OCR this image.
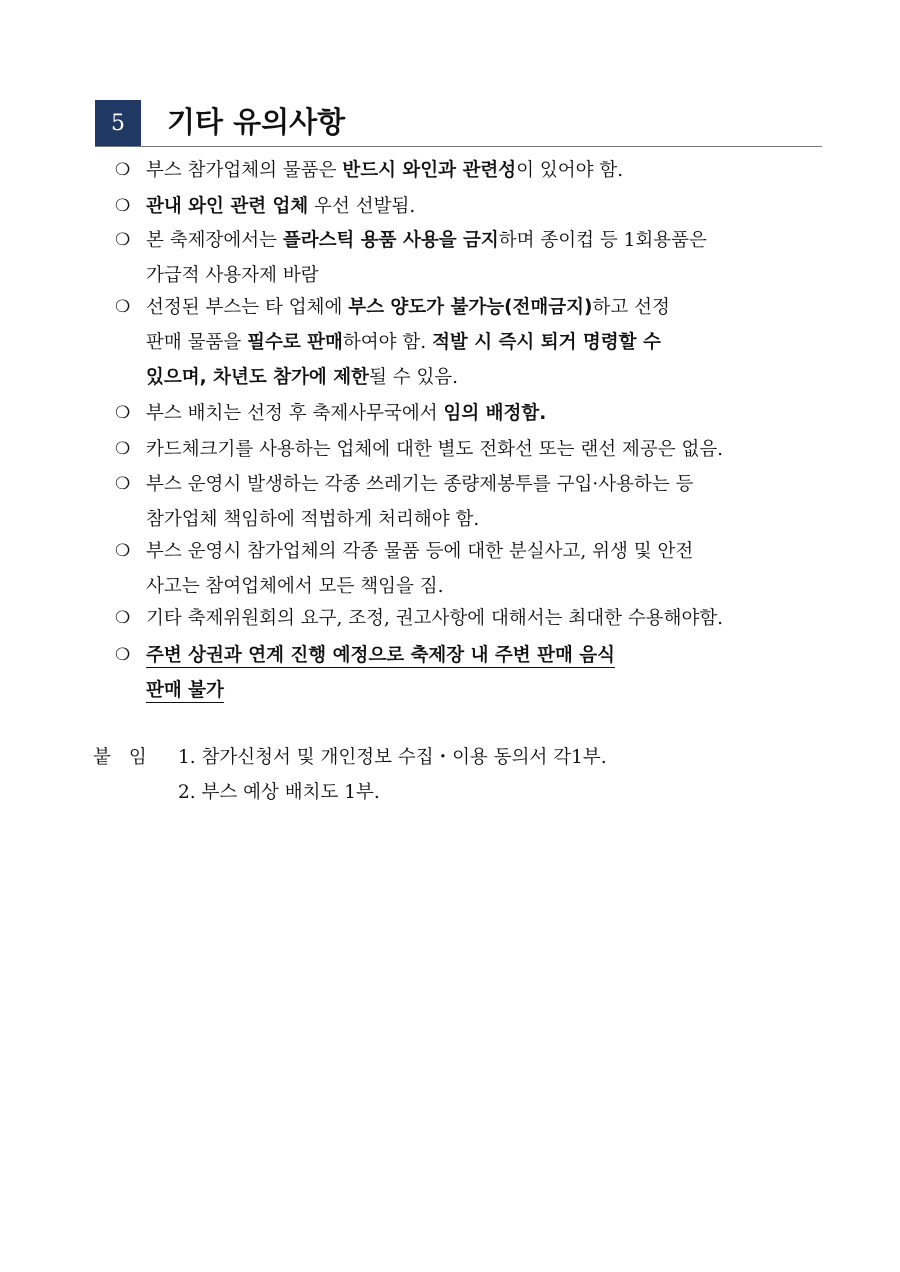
5	기타 유의사항
❍ 부스 참가업체의 물품은 반드시 와인과 관련성이 있어야 함.
❍ 관내 와인 관련 업체 우선 선발됨.
❍ 본 축제장에서는 플라스틱 용품 사용을 금지하며 종이컵 등 1회용품은
가급적 사용자제 바람
❍ 선정된 부스는 타 업체에 부스 양도가 불가능(전매금지)하고 선정
판매 물품을 필수로 판매하여야 함. 적발 시 즉시 퇴거 명령할 수
있으며, 차년도 참가에 제한될 수 있음.
❍ 부스 배치는 선정 후 축제사무국에서 임의 배정함.
❍ 카드체크기를 사용하는 업체에 대한 별도 전화선 또는 랜선 제공은 없음.
❍ 부스 운영시 발생하는 각종 쓰레기는 종량제봉투를 구입·사용하는 등
참가업체 책임하에 적법하게 처리해야 함.
❍ 부스 운영시 참가업체의 각종 물품 등에 대한 분실사고, 위생 및 안전
사고는 참여업체에서 모든 책임을 짐.
❍ 기타 축제위원회의 요구, 조정, 권고사항에 대해서는 최대한 수용해야함.
❍ 주변 상권과 연계 진행 예정으로 축제장 내 주변 판매 음식
판매 불가
붙 임 1. 참가신청서 및 개인정보 수집・이용 동의서 각1부.
2. 부스 예상 배치도 1부.
